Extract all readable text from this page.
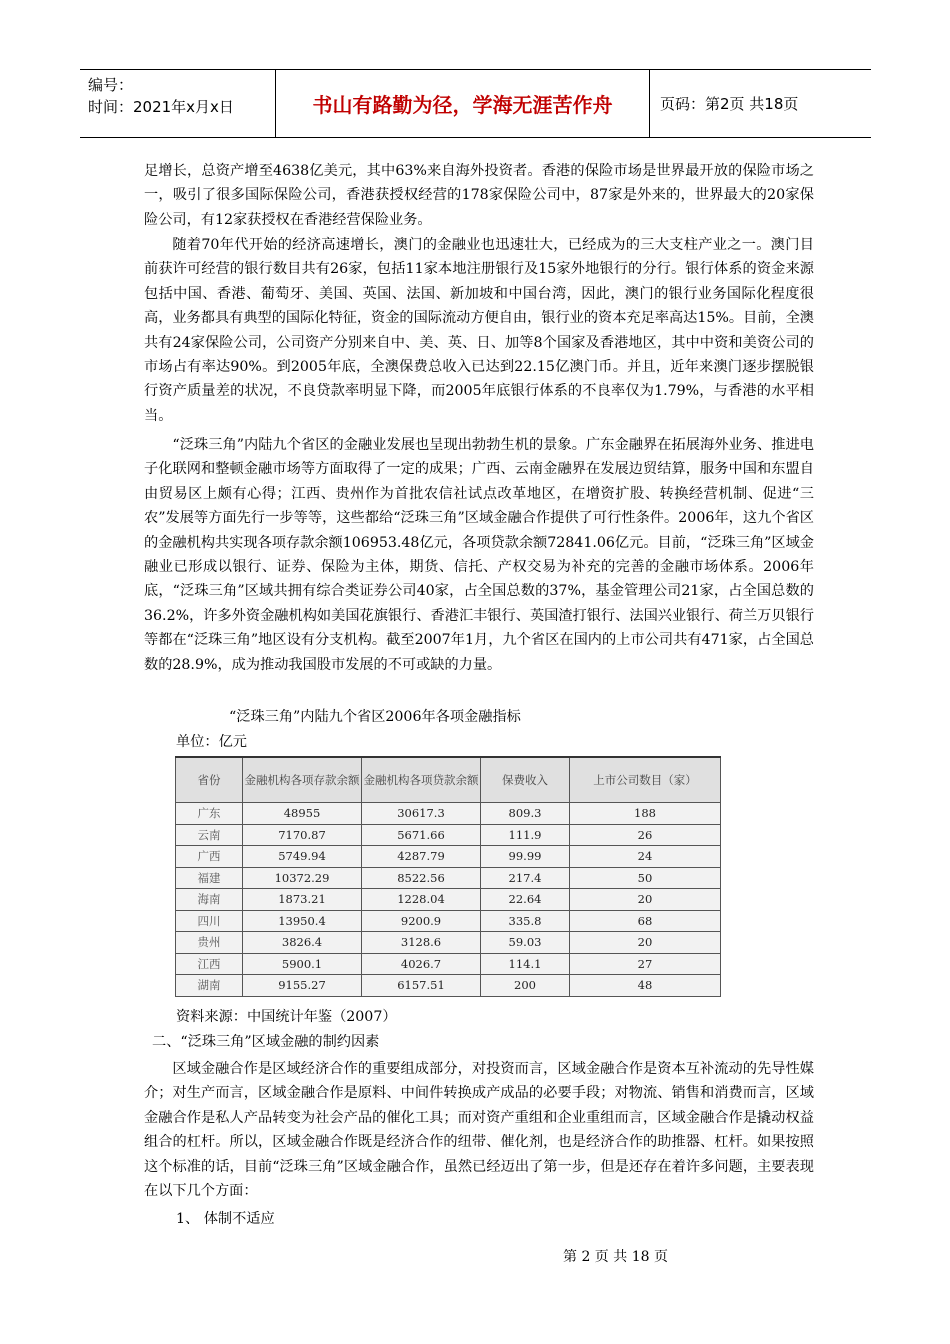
编号：
时间：2021年x月x日	书山有路勤为径，学海无涯苦作舟	页码：第2页 共18页
足增长，总资产增至4638亿美元，其中63%来自海外投资者。香港的保险市场是世界最开放的保险市场之一，吸引了很多国际保险公司，香港获授权经营的178家保险公司中，87家是外来的，世界最大的20家保险公司，有12家获授权在香港经营保险业务。
随着70年代开始的经济高速增长，澳门的金融业也迅速壮大，已经成为的三大支柱产业之一。澳门目前获许可经营的银行数目共有26家，包括11家本地注册银行及15家外地银行的分行。银行体系的资金来源包括中国、香港、葡萄牙、美国、英国、法国、新加坡和中国台湾，因此，澳门的银行业务国际化程度很高，业务都具有典型的国际化特征，资金的国际流动方便自由，银行业的资本充足率高达15%。目前，全澳共有24家保险公司，公司资产分别来自中、美、英、日、加等8个国家及香港地区，其中中资和美资公司的市场占有率达90%。到2005年底，全澳保费总收入已达到22.15亿澳门币。并且，近年来澳门逐步摆脱银行资产质量差的状况，不良贷款率明显下降，而2005年底银行体系的不良率仅为1.79%，与香港的水平相当。
“泛珠三角”内陆九个省区的金融业发展也呈现出勃勃生机的景象。广东金融界在拓展海外业务、推进电子化联网和整顿金融市场等方面取得了一定的成果；广西、云南金融界在发展边贸结算，服务中国和东盟自由贸易区上颇有心得；江西、贵州作为首批农信社试点改革地区，在增资扩股、转换经营机制、促进“三农”发展等方面先行一步等等，这些都给“泛珠三角”区域金融合作提供了可行性条件。2006年，这九个省区的金融机构共实现各项存款余额106953.48亿元，各项贷款余额72841.06亿元。目前，“泛珠三角”区域金融业已形成以银行、证券、保险为主体，期货、信托、产权交易为补充的完善的金融市场体系。2006年底，“泛珠三角”区域共拥有综合类证券公司40家，占全国总数的37%，基金管理公司21家，占全国总数的36.2%，许多外资金融机构如美国花旗银行、香港汇丰银行、英国渣打银行、法国兴业银行、荷兰万贝银行等都在“泛珠三角”地区设有分支机构。截至2007年1月，九个省区在国内的上市公司共有471家，占全国总数的28.9%，成为推动我国股市发展的不可或缺的力量。
“泛珠三角”内陆九个省区2006年各项金融指标
单位：亿元
省份	金融机构各项存款余额	金融机构各项贷款余额	保费收入	上市公司数目（家）
广东	48955	30617.3	809.3	188
云南	7170.87	5671.66	111.9	26
广西	5749.94	4287.79	99.99	24
福建	10372.29	8522.56	217.4	50
海南	1873.21	1228.04	22.64	20
四川	13950.4	9200.9	335.8	68
贵州	3826.4	3128.6	59.03	20
江西	5900.1	4026.7	114.1	27
湖南	9155.27	6157.51	200	48
资料来源：中国统计年鉴（2007）
二、“泛珠三角”区域金融的制约因素
区域金融合作是区域经济合作的重要组成部分，对投资而言，区域金融合作是资本互补流动的先导性媒介；对生产而言，区域金融合作是原料、中间件转换成产成品的必要手段；对物流、销售和消费而言，区域金融合作是私人产品转变为社会产品的催化工具；而对资产重组和企业重组而言，区域金融合作是撬动权益组合的杠杆。所以，区域金融合作既是经济合作的纽带、催化剂，也是经济合作的助推器、杠杆。如果按照这个标准的话，目前“泛珠三角”区域金融合作，虽然已经迈出了第一步，但是还存在着许多问题，主要表现在以下几个方面：
1、 体制不适应
第 2 页 共 18 页
